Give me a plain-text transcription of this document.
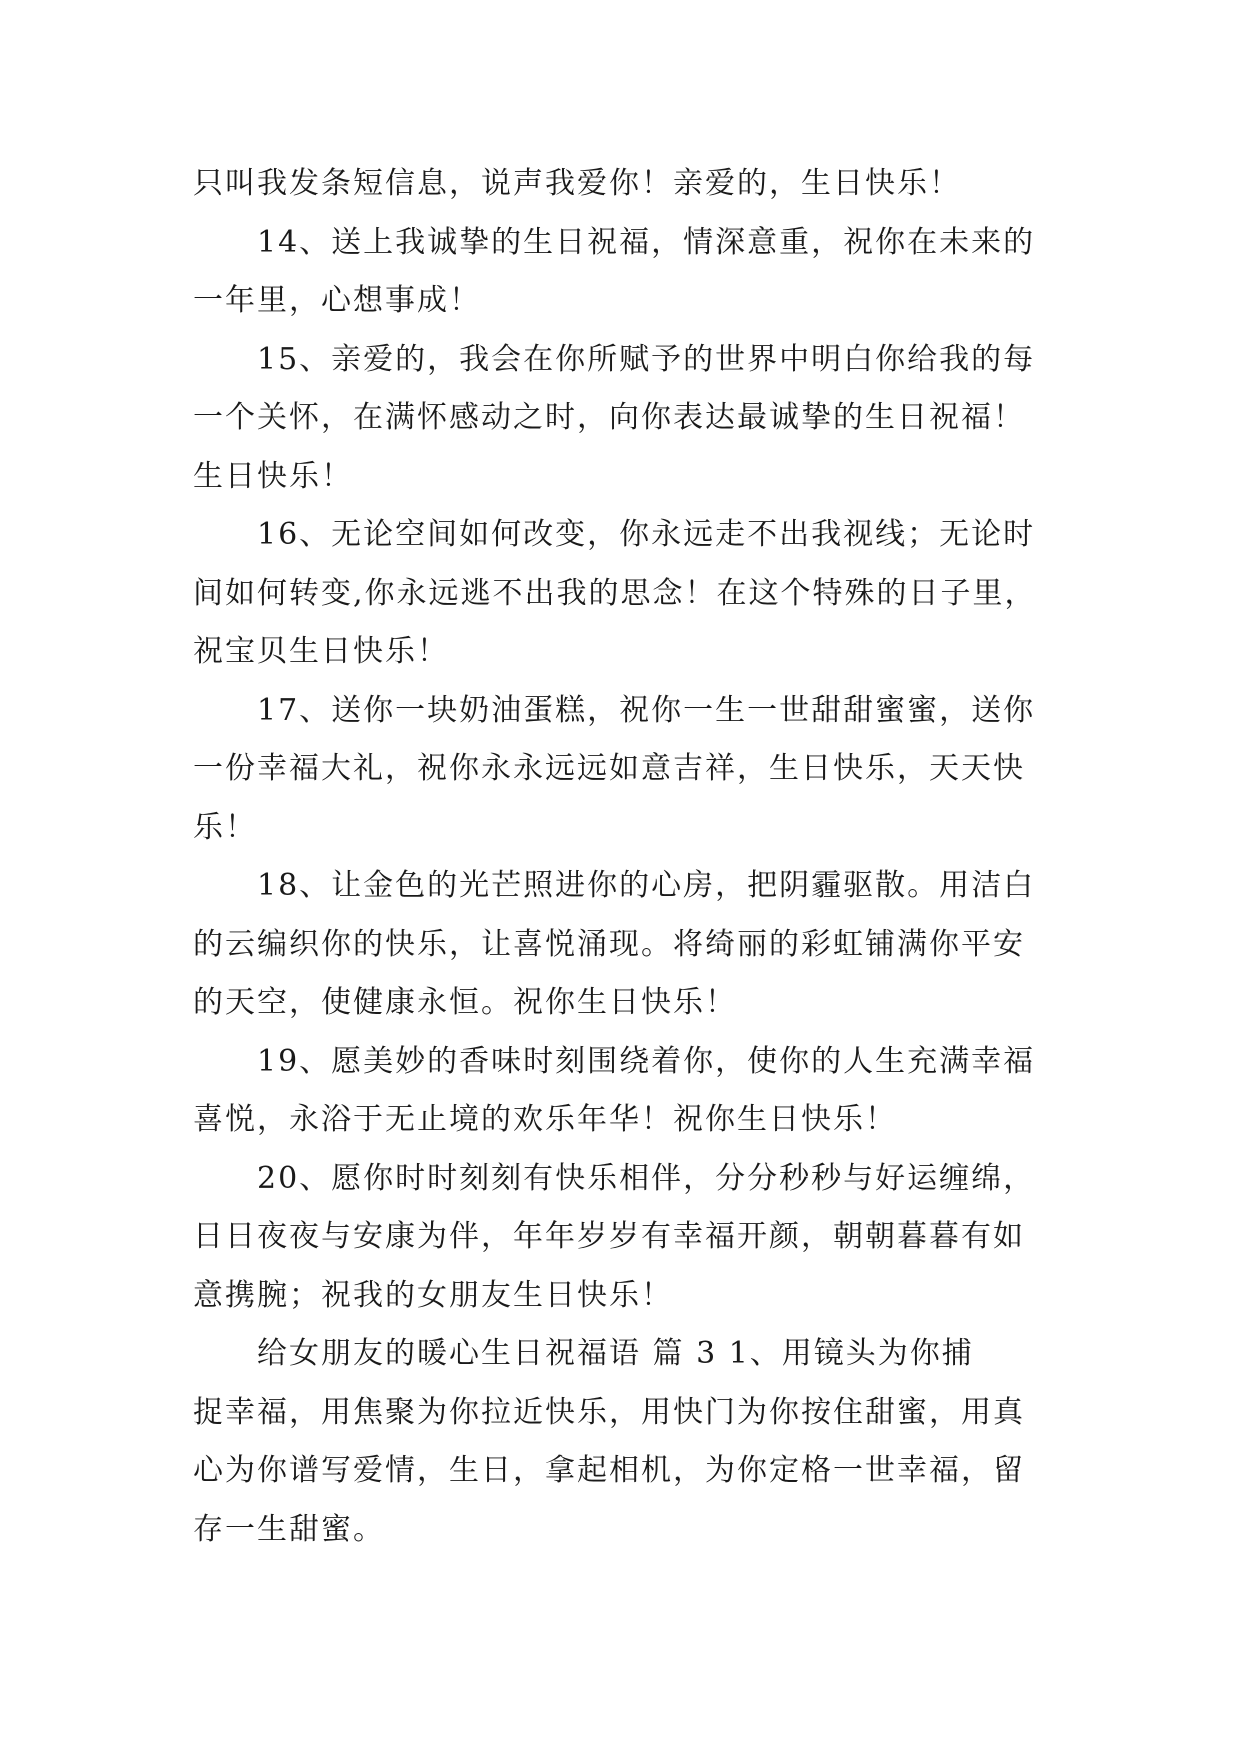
只叫我发条短信息，说声我爱你！亲爱的，生日快乐！
14、送上我诚挚的生日祝福，情深意重，祝你在未来的
一年里，心想事成！
15、亲爱的，我会在你所赋予的世界中明白你给我的每
一个关怀，在满怀感动之时，向你表达最诚挚的生日祝福！
生日快乐！
16、无论空间如何改变，你永远走不出我视线；无论时
间如何转变,你永远逃不出我的思念！在这个特殊的日子里，
祝宝贝生日快乐！
17、送你一块奶油蛋糕，祝你一生一世甜甜蜜蜜，送你
一份幸福大礼，祝你永永远远如意吉祥，生日快乐，天天快
乐！
18、让金色的光芒照进你的心房，把阴霾驱散。用洁白
的云编织你的快乐，让喜悦涌现。将绮丽的彩虹铺满你平安
的天空，使健康永恒。祝你生日快乐！
19、愿美妙的香味时刻围绕着你，使你的人生充满幸福
喜悦，永浴于无止境的欢乐年华！祝你生日快乐！
20、愿你时时刻刻有快乐相伴，分分秒秒与好运缠绵，
日日夜夜与安康为伴，年年岁岁有幸福开颜，朝朝暮暮有如
意携腕；祝我的女朋友生日快乐！
给女朋友的暖心生日祝福语 篇 3 1、用镜头为你捕
捉幸福，用焦聚为你拉近快乐，用快门为你按住甜蜜，用真
心为你谱写爱情，生日，拿起相机，为你定格一世幸福，留
存一生甜蜜。
